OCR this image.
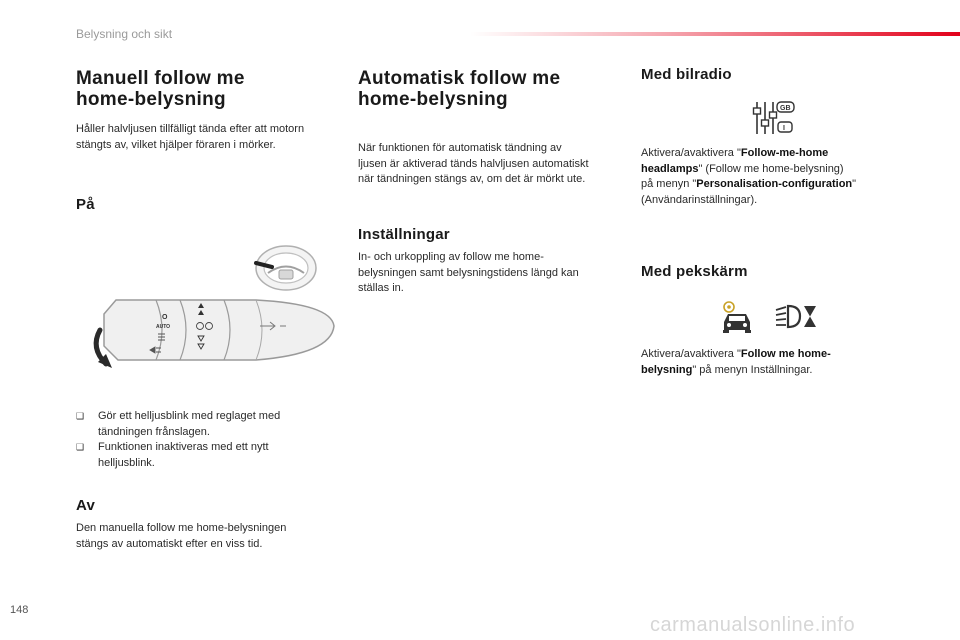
Belysning och sikt
Manuell follow me
home-belysning
Håller halvljusen tillfälligt tända efter att motorn
stängts av, vilket hjälper föraren i mörker.
På
O
AUTO
❑	Gör ett helljusblink med reglaget med
tändningen frånslagen.
❑	Funktionen inaktiveras med ett nytt
helljusblink.
Av
Den manuella follow me home-belysningen
stängs av automatiskt efter en viss tid.
Automatisk follow me
home-belysning
När funktionen för automatisk tändning av
ljusen är aktiverad tänds halvljusen automatiskt
när tändningen stängs av, om det är mörkt ute.
Inställningar
In- och urkoppling av follow me home-
belysningen samt belysningstidens längd kan
ställas in.
Med bilradio
GB
I
Aktivera/avaktivera "Follow-me-home
headlamps" (Follow me home-belysning)
på menyn "Personalisation-configuration"
(Användarinställningar).
Med pekskärm
Aktivera/avaktivera "Follow me home-
belysning" på menyn Inställningar.
148
carmanualsonline.info
